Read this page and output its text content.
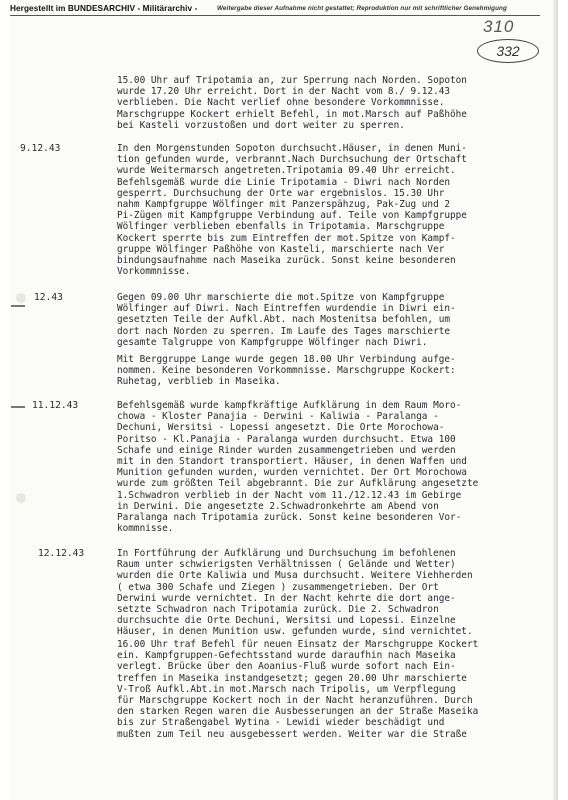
Hergestellt im BUNDESARCHIV - Militärarchiv -	Weitergabe dieser Aufnahme nicht gestattet; Reproduktion nur mit schriftlicher Genehmigung
310
332
15.00 Uhr auf Tripotamia an, zur Sperrung nach Norden. Sopoton
wurde 17.20 Uhr erreicht. Dort in der Nacht vom 8./ 9.12.43
verblieben. Die Nacht verlief ohne besondere Vorkommnisse.
Marschgruppe Kockert erhielt Befehl, in mot.Marsch auf Paßhöhe
bei Kasteli vorzustoßen und dort weiter zu sperren.
9.12.43	In den Morgenstunden Sopoton durchsucht.Häuser, in denen Muni-
tion gefunden wurde, verbrannt.Nach Durchsuchung der Ortschaft
wurde Weitermarsch angetreten.Tripotamia 09.40 Uhr erreicht.
Befehlsgemäß wurde die Linie Tripotamia - Diwri nach Norden
gesperrt. Durchsuchung der Orte war ergebnislos. 15.30 Uhr
nahm Kampfgruppe Wölfinger mit Panzerspähzug, Pak-Zug und 2
Pi-Zügen mit Kampfgruppe Verbindung auf. Teile von Kampfgruppe
Wölfinger verblieben ebenfalls in Tripotamia. Marschgruppe
Kockert sperrte bis zum Eintreffen der mot.Spitze von Kampf-
gruppe Wölfinger Paßhöhe von Kasteli, marschierte nach Ver
bindungsaufnahme nach Maseika zurück. Sonst keine besonderen
Vorkommnisse.
12.43	Gegen 09.00 Uhr marschierte die mot.Spitze von Kampfgruppe
Wölfinger auf Diwri. Nach Eintreffen wurdendie in Diwri ein-
gesetzten Teile der Aufkl.Abt. nach Mostenitsa befohlen, um
dort nach Norden zu sperren. Im Laufe des Tages marschierte
gesamte Talgruppe von Kampfgruppe Wölfinger nach Diwri.
Mit Berggruppe Lange wurde gegen 18.00 Uhr Verbindung aufge-
nommen. Keine besonderen Vorkommnisse. Marschgruppe Kockert:
Ruhetag, verblieb in Maseika.
11.12.43	Befehlsgemäß wurde kampfkräftige Aufklärung in dem Raum Moro-
chowa - Kloster Panajia - Derwini - Kaliwia - Paralanga -
Dechuni, Wersitsi - Lopessi angesetzt. Die Orte Morochowa-
Poritso - Kl.Panajia - Paralanga wurden durchsucht. Etwa 100
Schafe und einige Rinder wurden zusammengetrieben und werden
mit in den Standort transportiert. Häuser, in denen Waffen und
Munition gefunden wurden, wurden vernichtet. Der Ort Morochowa
wurde zum größten Teil abgebrannt. Die zur Aufklärung angesetzte
1.Schwadron verblieb in der Nacht vom 11./12.12.43 im Gebirge
in Derwini. Die angesetzte 2.Schwadronkehrte am Abend von
Paralanga nach Tripotamia zurück. Sonst keine besonderen Vor-
kommnisse.
12.12.43	In Fortführung der Aufklärung und Durchsuchung im befohlenen
Raum unter schwierigsten Verhältnissen ( Gelände und Wetter)
wurden die Orte Kaliwia und Musa durchsucht. Weitere Viehherden
( etwa 300 Schafe und Ziegen ) zusammengetrieben. Der Ort
Derwini wurde vernichtet. In der Nacht kehrte die dort ange-
setzte Schwadron nach Tripotamia zurück. Die 2. Schwadron
durchsuchte die Orte Dechuni, Wersitsi und Lopessi. Einzelne
Häuser, in denen Munition usw. gefunden wurde, sind vernichtet.
16.00 Uhr traf Befehl für neuen Einsatz der Marschgruppe Kockert
ein. Kampfgruppen-Gefechtsstand wurde daraufhin nach Maseika
verlegt. Brücke über den Aoanius-Fluß wurde sofort nach Ein-
treffen in Maseika instandgesetzt; gegen 20.00 Uhr marschierte
V-Troß Aufkl.Abt.in mot.Marsch nach Tripolis, um Verpflegung
für Marschgruppe Kockert noch in der Nacht heranzuführen. Durch
den starken Regen waren die Ausbesserungen an der Straße Maseika
bis zur Straßengabel Wytina - Lewidi wieder beschädigt und
mußten zum Teil neu ausgebessert werden. Weiter war die Straße
